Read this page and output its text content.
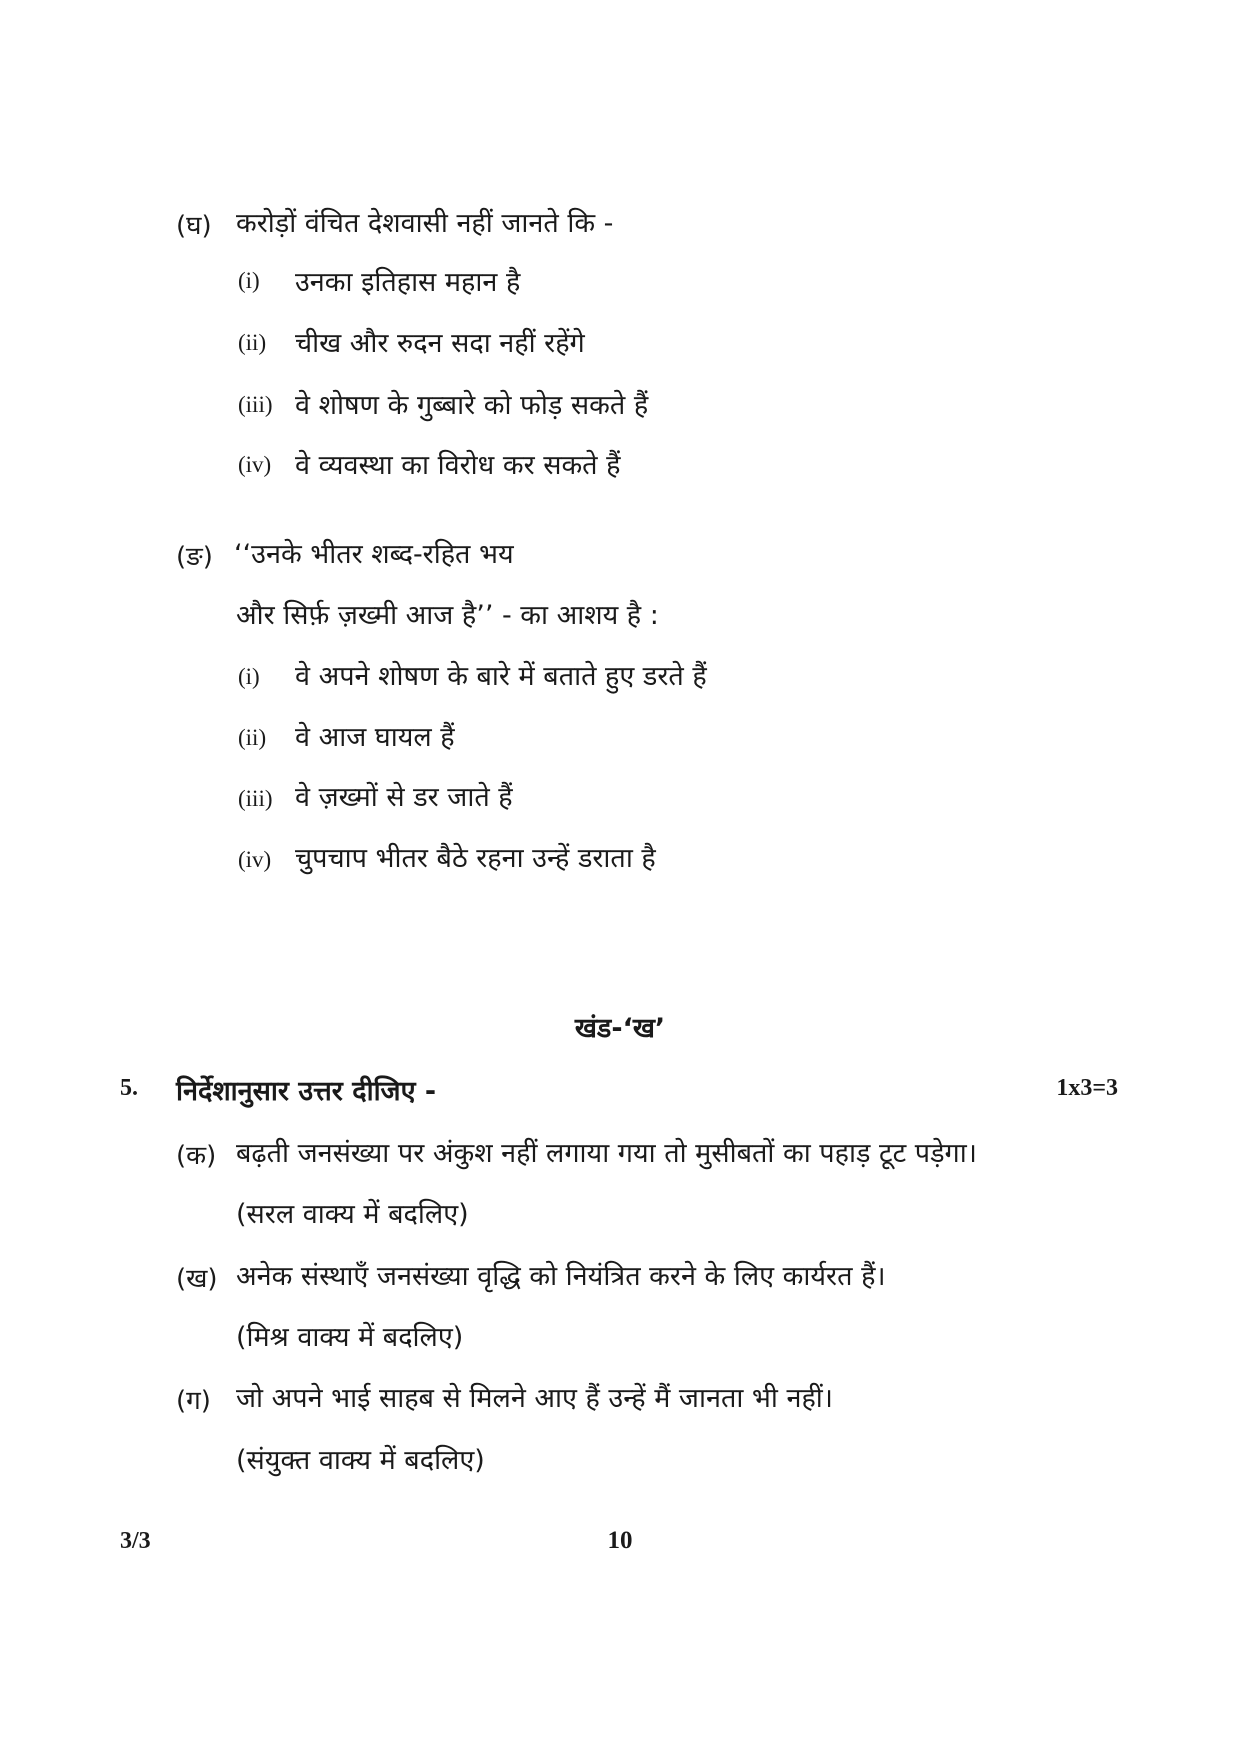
(घ) करोड़ों वंचित देशवासी नहीं जानते कि -
(i) उनका इतिहास महान है
(ii) चीख और रुदन सदा नहीं रहेंगे
(iii) वे शोषण के गुब्बारे को फोड़ सकते हैं
(iv) वे व्यवस्था का विरोध कर सकते हैं
(ङ) ‘‘उनके भीतर शब्द-रहित भय
और सिर्फ़ ज़ख्मी आज है’’ - का आशय है :
(i) वे अपने शोषण के बारे में बताते हुए डरते हैं
(ii) वे आज घायल हैं
(iii) वे ज़ख्मों से डर जाते हैं
(iv) चुपचाप भीतर बैठे रहना उन्हें डराता है
खंड-‘ख’
5. निर्देशानुसार उत्तर दीजिए -	1x3=3
(क) बढ़ती जनसंख्या पर अंकुश नहीं लगाया गया तो मुसीबतों का पहाड़ टूट पड़ेगा।
(सरल वाक्य में बदलिए)
(ख) अनेक संस्थाएँ जनसंख्या वृद्धि को नियंत्रित करने के लिए कार्यरत हैं।
(मिश्र वाक्य में बदलिए)
(ग) जो अपने भाई साहब से मिलने आए हैं उन्हें मैं जानता भी नहीं।
(संयुक्त वाक्य में बदलिए)
3/3	10
